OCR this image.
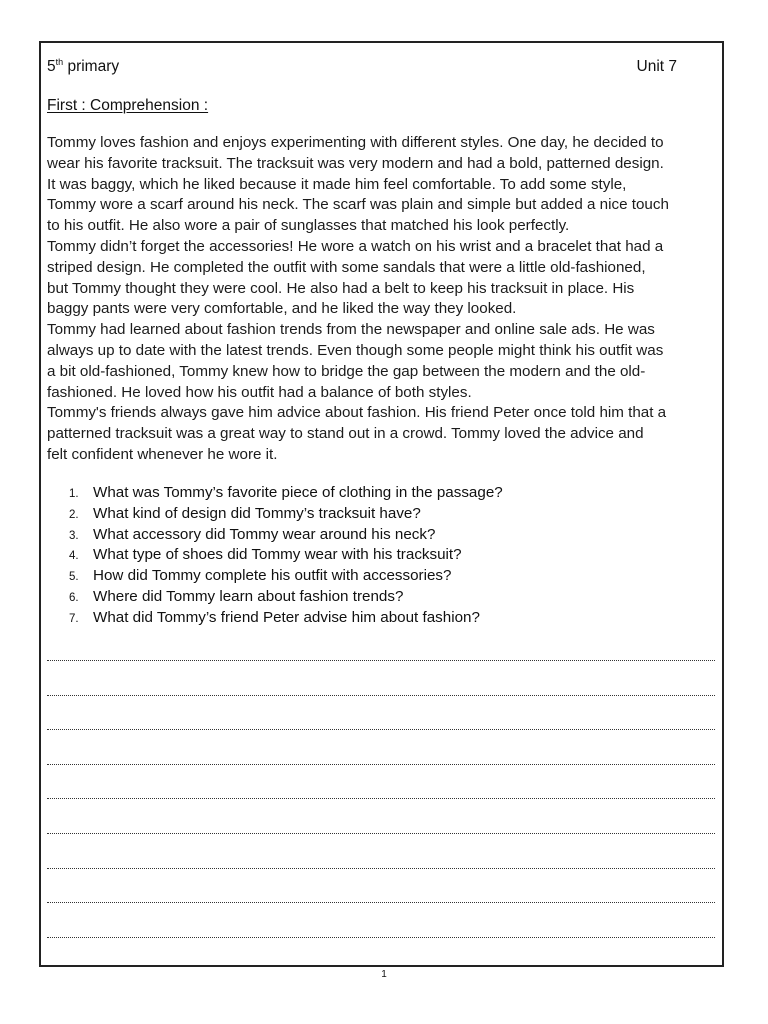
5th primary	Unit 7
First : Comprehension :

Tommy loves fashion and enjoys experimenting with different styles. One day, he decided to

wear his favorite tracksuit. The tracksuit was very modern and had a bold, patterned design.

It was baggy, which he liked because it made him feel comfortable. To add some style,

Tommy wore a scarf around his neck. The scarf was plain and simple but added a nice touch

to his outfit. He also wore a pair of sunglasses that matched his look perfectly.

Tommy didn’t forget the accessories! He wore a watch on his wrist and a bracelet that had a

striped design. He completed the outfit with some sandals that were a little old-fashioned,

but Tommy thought they were cool. He also had a belt to keep his tracksuit in place. His

baggy pants were very comfortable, and he liked the way they looked.

Tommy had learned about fashion trends from the newspaper and online sale ads. He was

always up to date with the latest trends. Even though some people might think his outfit was

a bit old-fashioned, Tommy knew how to bridge the gap between the modern and the old-

fashioned. He loved how his outfit had a balance of both styles.

Tommy's friends always gave him advice about fashion. His friend Peter once told him that a

patterned tracksuit was a great way to stand out in a crowd. Tommy loved the advice and

felt confident whenever he wore it.

1. What was Tommy’s favorite piece of clothing in the passage?
2. What kind of design did Tommy’s tracksuit have?
3. What accessory did Tommy wear around his neck?
4. What type of shoes did Tommy wear with his tracksuit?
5. How did Tommy complete his outfit with accessories?
6. Where did Tommy learn about fashion trends?
7. What did Tommy’s friend Peter advise him about fashion?
1
